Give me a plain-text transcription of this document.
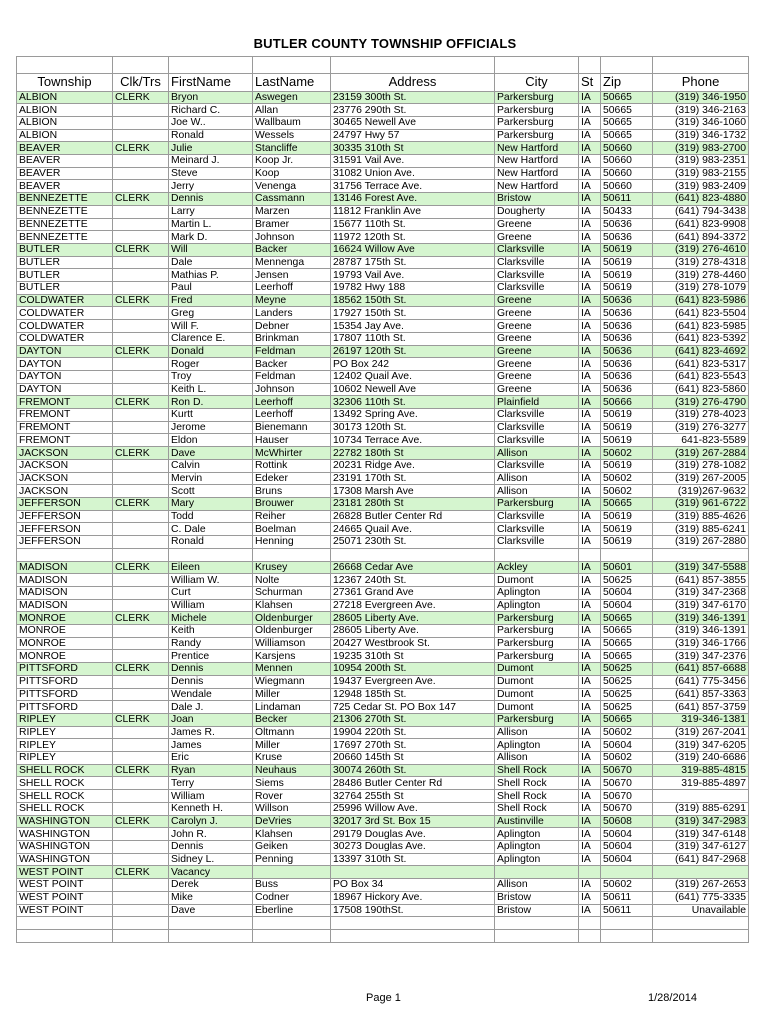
BUTLER COUNTY TOWNSHIP OFFICIALS

Township	Clk/Trs	FirstName	LastName	Address	City	St	Zip	Phone
ALBION	CLERK	Bryon	Aswegen	23159 300th St.	Parkersburg	IA	50665	(319) 346-1950
ALBION		Richard C.	Allan	23776 290th St.	Parkersburg	IA	50665	(319) 346-2163
ALBION		Joe W..	Wallbaum	30465 Newell Ave	Parkersburg	IA	50665	(319) 346-1060
ALBION		Ronald	Wessels	24797 Hwy 57	Parkersburg	IA	50665	(319) 346-1732
BEAVER	CLERK	Julie	Stancliffe	30335 310th St	New Hartford	IA	50660	(319) 983-2700
BEAVER		Meinard J.	Koop Jr.	31591 Vail Ave.	New Hartford	IA	50660	(319) 983-2351
BEAVER		Steve	Koop	31082 Union Ave.	New Hartford	IA	50660	(319) 983-2155
BEAVER		Jerry	Venenga	31756 Terrace Ave.	New Hartford	IA	50660	(319) 983-2409
BENNEZETTE	CLERK	Dennis	Cassmann	13146 Forest Ave.	Bristow	IA	50611	(641) 823-4880
BENNEZETTE		Larry	Marzen	11812 Franklin Ave	Dougherty	IA	50433	(641) 794-3438
BENNEZETTE		Martin L.	Bramer	15677 110th St.	Greene	IA	50636	(641) 823-9908
BENNEZETTE		Mark D.	Johnson	11972 120th St.	Greene	IA	50636	(641) 894-3372
BUTLER	CLERK	Will	Backer	16624 Willow Ave	Clarksville	IA	50619	(319) 276-4610
BUTLER		Dale	Mennenga	28787 175th St.	Clarksville	IA	50619	(319) 278-4318
BUTLER		Mathias P.	Jensen	19793 Vail Ave.	Clarksville	IA	50619	(319) 278-4460
BUTLER		Paul	Leerhoff	19782 Hwy 188	Clarksville	IA	50619	(319) 278-1079
COLDWATER	CLERK	Fred	Meyne	18562 150th St.	Greene	IA	50636	(641) 823-5986
COLDWATER		Greg	Landers	17927 150th St.	Greene	IA	50636	(641) 823-5504
COLDWATER		Will F.	Debner	15354 Jay Ave.	Greene	IA	50636	(641) 823-5985
COLDWATER		Clarence E.	Brinkman	17807 110th St.	Greene	IA	50636	(641) 823-5392
DAYTON	CLERK	Donald	Feldman	26197 120th St.	Greene	IA	50636	(641) 823-4692
DAYTON		Roger	Backer	PO Box 242	Greene	IA	50636	(641) 823-5317
DAYTON		Troy	Feldman	12402 Quail Ave.	Greene	IA	50636	(641) 823-5543
DAYTON		Keith L.	Johnson	10602 Newell Ave	Greene	IA	50636	(641) 823-5860
FREMONT	CLERK	Ron D.	Leerhoff	32306 110th St.	Plainfield	IA	50666	(319) 276-4790
FREMONT		Kurtt	Leerhoff	13492 Spring Ave.	Clarksville	IA	50619	(319) 278-4023
FREMONT		Jerome	Bienemann	30173 120th St.	Clarksville	IA	50619	(319) 276-3277
FREMONT		Eldon	Hauser	10734 Terrace Ave.	Clarksville	IA	50619	641-823-5589
JACKSON	CLERK	Dave	McWhirter	22782 180th St	Allison	IA	50602	(319) 267-2884
JACKSON		Calvin	Rottink	20231 Ridge Ave.	Clarksville	IA	50619	(319) 278-1082
JACKSON		Mervin	Edeker	23191 170th St.	Allison	IA	50602	(319) 267-2005
JACKSON		Scott	Bruns	17308 Marsh Ave	Allison	IA	50602	(319)267-9632
JEFFERSON	CLERK	Mary	Brouwer	23181 280th St	Parkersburg	IA	50665	(319) 961-6722
JEFFERSON		Todd	Reiher	26828 Butler Center Rd	Clarksville	IA	50619	(319) 885-4626
JEFFERSON		C. Dale	Boelman	24665 Quail Ave.	Clarksville	IA	50619	(319) 885-6241
JEFFERSON		Ronald	Henning	25071 230th St.	Clarksville	IA	50619	(319) 267-2880

MADISON	CLERK	Eileen	Krusey	26668 Cedar Ave	Ackley	IA	50601	(319) 347-5588
MADISON		William W.	Nolte	12367 240th St.	Dumont	IA	50625	(641) 857-3855
MADISON		Curt	Schurman	27361 Grand Ave	Aplington	IA	50604	(319) 347-2368
MADISON		William	Klahsen	27218 Evergreen Ave.	Aplington	IA	50604	(319) 347-6170
MONROE	CLERK	Michele	Oldenburger	28605 Liberty Ave.	Parkersburg	IA	50665	(319) 346-1391
MONROE		Keith	Oldenburger	28605 Liberty Ave.	Parkersburg	IA	50665	(319) 346-1391
MONROE		Randy	Williamson	20427 Westbrook St.	Parkersburg	IA	50665	(319) 346-1766
MONROE		Prentice	Karsjens	19235 310th St	Parkersburg	IA	50665	(319) 347-2376
PITTSFORD	CLERK	Dennis	Mennen	10954 200th St.	Dumont	IA	50625	(641) 857-6688
PITTSFORD		Dennis	Wiegmann	19437 Evergreen Ave.	Dumont	IA	50625	(641) 775-3456
PITTSFORD		Wendale	Miller	12948 185th St.	Dumont	IA	50625	(641) 857-3363
PITTSFORD		Dale J.	Lindaman	725 Cedar St. PO Box 147	Dumont	IA	50625	(641) 857-3759
RIPLEY	CLERK	Joan	Becker	21306 270th St.	Parkersburg	IA	50665	319-346-1381
RIPLEY		James R.	Oltmann	19904 220th St.	Allison	IA	50602	(319) 267-2041
RIPLEY		James	Miller	17697 270th St.	Aplington	IA	50604	(319) 347-6205
RIPLEY		Eric	Kruse	20660 145th St	Allison	IA	50602	(319) 240-6686
SHELL ROCK	CLERK	Ryan	Neuhaus	30074 260th St.	Shell Rock	IA	50670	319-885-4815
SHELL ROCK		Terry	Siems	28486 Butler Center Rd	Shell Rock	IA	50670	319-885-4897
SHELL ROCK		William	Rover	32764 255th St	Shell Rock	IA	50670	
SHELL ROCK		Kenneth H.	Willson	25996 Willow Ave.	Shell Rock	IA	50670	(319) 885-6291
WASHINGTON	CLERK	Carolyn J.	DeVries	32017 3rd St. Box 15	Austinville	IA	50608	(319) 347-2983
WASHINGTON		John R.	Klahsen	29179 Douglas Ave.	Aplington	IA	50604	(319) 347-6148
WASHINGTON		Dennis	Geiken	30273 Douglas Ave.	Aplington	IA	50604	(319) 347-6127
WASHINGTON		Sidney L.	Penning	13397 310th St.	Aplington	IA	50604	(641) 847-2968
WEST POINT	CLERK	Vacancy						
WEST POINT		Derek	Buss	PO Box 34	Allison	IA	50602	(319) 267-2653
WEST POINT		Mike	Codner	18967 Hickory Ave.	Bristow	IA	50611	(641) 775-3335
WEST POINT		Dave	Eberline	17508 190thSt.	Bristow	IA	50611	Unavailable

Page 1	1/28/2014
